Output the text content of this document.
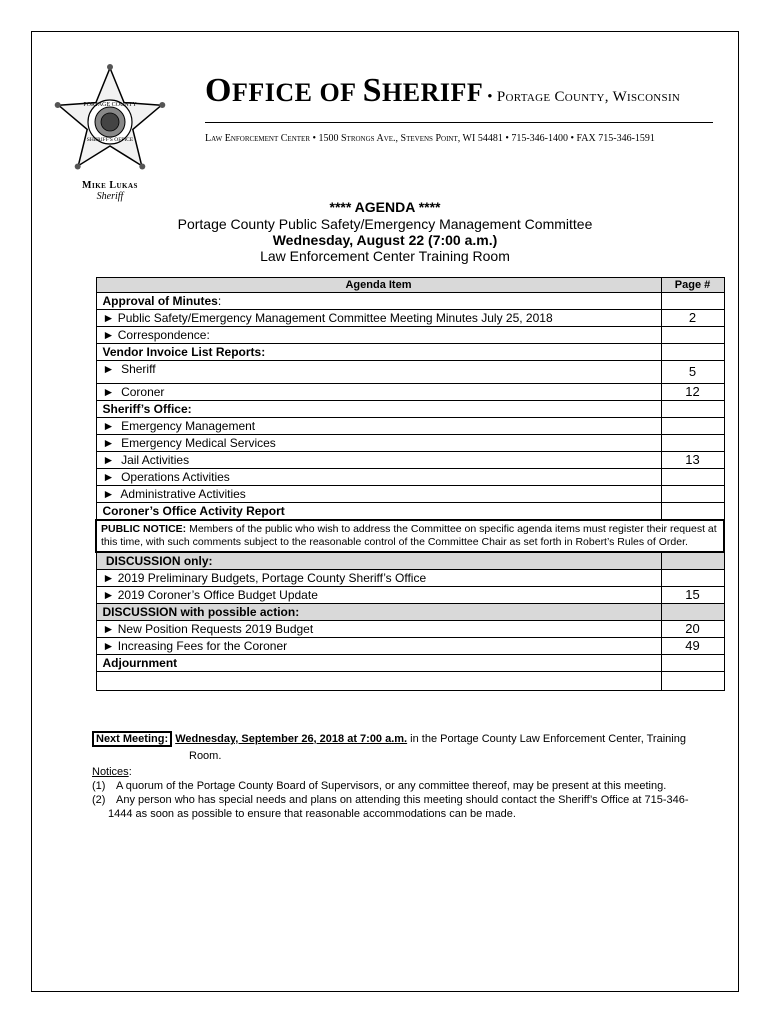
PORTAGE COUNTY
SHERIFF'S OFFICE
Mike Lukas
Sheriff
OFFICE OF SHERIFF • Portage County, Wisconsin
Law Enforcement Center • 1500 Strongs Ave., Stevens Point, WI 54481 • 715-346-1400 • FAX 715-346-1591
**** AGENDA ****
Portage County Public Safety/Emergency Management Committee
Wednesday, August 22 (7:00 a.m.)
Law Enforcement Center Training Room
Agenda Item	Page #
Approval of Minutes:	
► Public Safety/Emergency Management Committee Meeting Minutes July 25, 2018	2
► Correspondence:	
Vendor Invoice List Reports:	
► Sheriff	5
► Coroner	12
Sheriff’s Office:	
► Emergency Management	
► Emergency Medical Services	
► Jail Activities	13
► Operations Activities	
► Administrative Activities	
Coroner’s Office Activity Report	
PUBLIC NOTICE: Members of the public who wish to address the Committee on specific agenda items must register their request at this time, with such comments subject to the reasonable control of the Committee Chair as set forth in Robert’s Rules of Order.	
DISCUSSION only:	
► 2019 Preliminary Budgets, Portage County Sheriff’s Office	
► 2019 Coroner’s Office Budget Update	15
DISCUSSION with possible action:	
► New Position Requests 2019 Budget	20
► Increasing Fees for the Coroner	49
Adjournment	

Next Meeting: Wednesday, September 26, 2018 at 7:00 a.m. in the Portage County Law Enforcement Center, Training
Room.
Notices:
(1) A quorum of the Portage County Board of Supervisors, or any committee thereof, may be present at this meeting.
(2) Any person who has special needs and plans on attending this meeting should contact the Sheriff’s Office at 715-346-
1444 as soon as possible to ensure that reasonable accommodations can be made.
